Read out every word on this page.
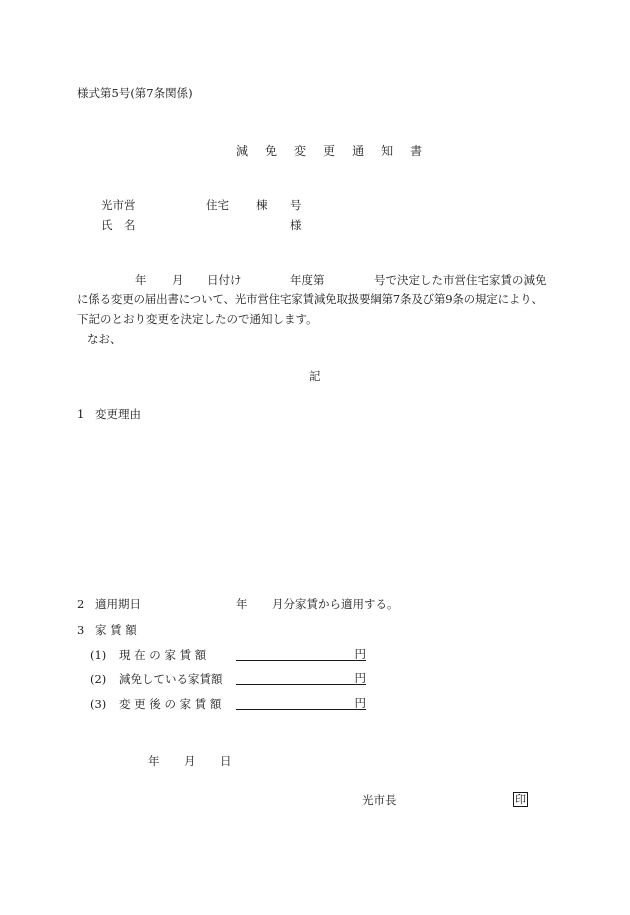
様式第5号(第7条関係)
減 免 変 更 通 知 書
光市営	住宅 棟 号
氏 名	様
年 月 日付け	年度第	号で決定した市営住宅家賃の減免
に係る変更の届出書について、光市営住宅家賃減免取扱要綱第7条及び第9条の規定により、
下記のとおり変更を決定したので通知します。
なお、
記
1 変更理由
2 適用期日	年 月分家賃から適用する。
3 家 賃 額
(1) 現 在 の 家 賃 額	円
(2) 減免している家賃額	円
(3) 変 更 後 の 家 賃 額	円
年 月 日
光市長	印
